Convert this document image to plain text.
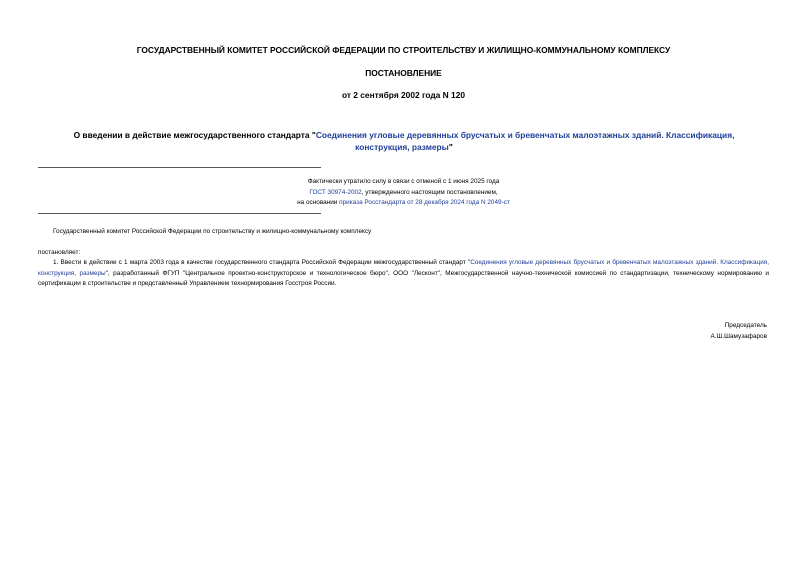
ГОСУДАРСТВЕННЫЙ КОМИТЕТ РОССИЙСКОЙ ФЕДЕРАЦИИ ПО СТРОИТЕЛЬСТВУ И ЖИЛИЩНО-КОММУНАЛЬНОМУ КОМПЛЕКСУ
ПОСТАНОВЛЕНИЕ
от 2 сентября 2002 года N 120
О введении в действие межгосударственного стандарта "Соединения угловые деревянных брусчатых и бревенчатых малоэтажных зданий. Классификация, конструкция, размеры"
Фактически утратило силу в связи с отменой с 1 июня 2025 года
ГОСТ 30974-2002, утвержденного настоящим постановлением,
на основании приказа Росстандарта от 28 декабря 2024 года N 2049-ст
Государственный комитет Российской Федерации по строительству и жилищно-коммунальному комплексу
постановляет:
1. Ввести в действие с 1 марта 2003 года в качестве государственного стандарта Российской Федерации межгосударственный стандарт "Соединения угловые деревянных брусчатых и бревенчатых малоэтажных зданий. Классификация, конструкция, размеры", разработанный ФГУП "Центральное проектно-конструкторское и технологическое бюро", ООО "Лесконт", Межгосударственной научно-технической комиссией по стандартизации, техническому нормированию и сертификации в строительстве и представленный Управлением технормирования Госстроя России.
Председатель
А.Ш.Шамузафаров
